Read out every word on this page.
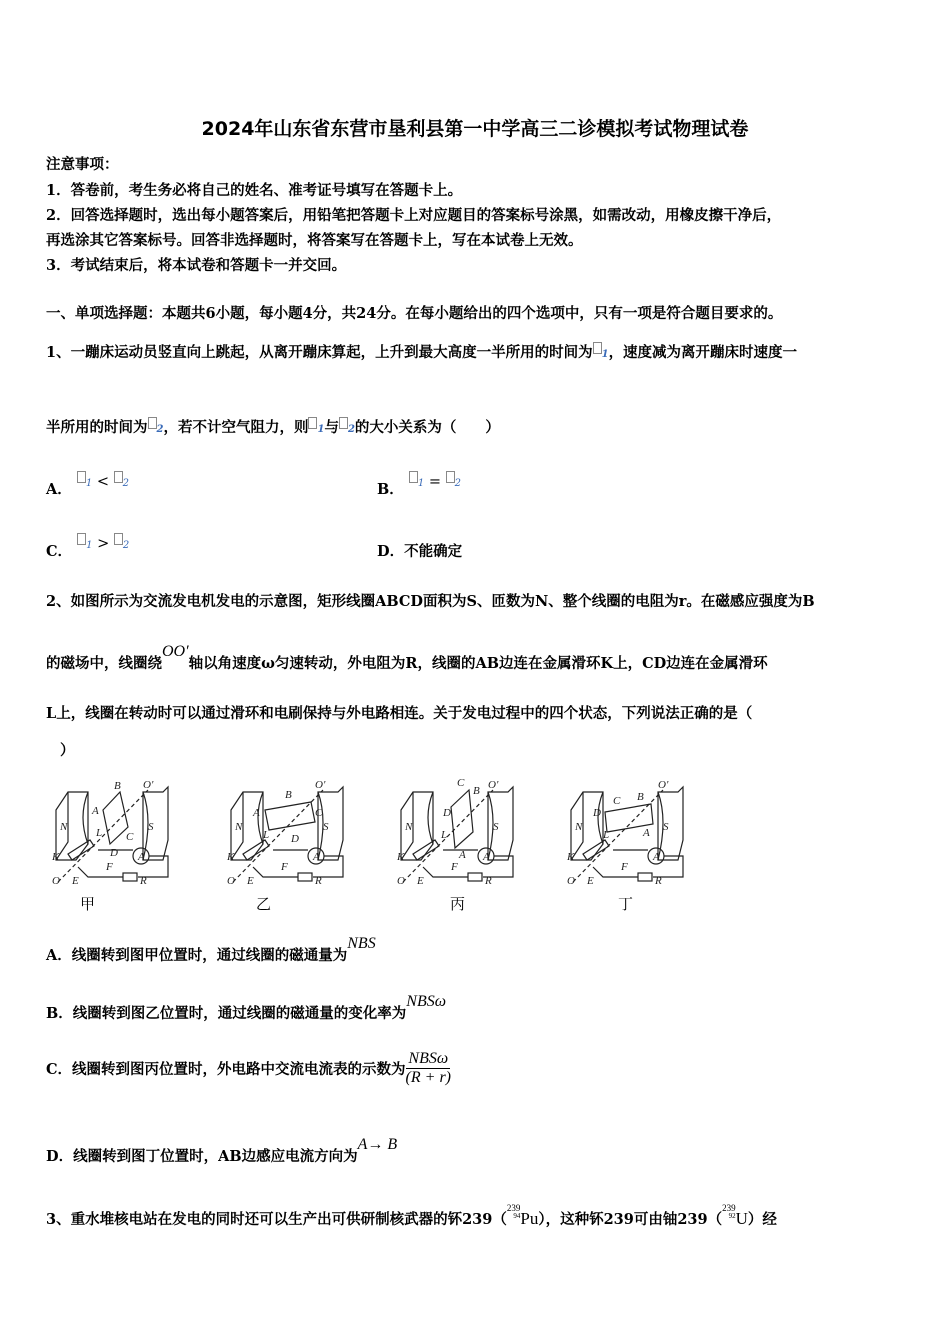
2024年山东省东营市垦利县第一中学高三二诊模拟考试物理试卷
注意事项：
1．答卷前，考生务必将自己的姓名、准考证号填写在答题卡上。
2．回答选择题时，选出每小题答案后，用铅笔把答题卡上对应题目的答案标号涂黑，如需改动，用橡皮擦干净后，
再选涂其它答案标号。回答非选择题时，将答案写在答题卡上，写在本试卷上无效。
3．考试结束后，将本试卷和答题卡一并交回。
一、单项选择题：本题共6小题，每小题4分，共24分。在每小题给出的四个选项中，只有一项是符合题目要求的。
1、一蹦床运动员竖直向上跳起，从离开蹦床算起，上升到最大高度一半所用的时间为 1，速度减为离开蹦床时速度一
半所用的时间为 2，若不计空气阻力，则 1与 2的大小关系为（　　）
A． 1 < 2	B． 1 = 2
C． 1 > 2	D．不能确定
2、如图所示为交流发电机发电的示意图，矩形线圈ABCD面积为S、匝数为N、整个线圈的电阻为r。在磁感应强度为B
的磁场中，线圈绕OO′轴以角速度ω匀速转动，外电阻为R，线圈的AB边连在金属滑环K上，CD边连在金属滑环
L上，线圈在转动时可以通过滑环和电刷保持与外电路相连。关于发电过程中的四个状态，下列说法正确的是（
）
N	S
B
A
L
D
C
O'
K
O E
F
A
R
N	S
B
A
L D
C
O'
K
O E
F
A
R
N	S
C
B
L
A
D
O'
K
O E
F
A
R
N	S
C
D
L	A
B
O'
K
O E
F
A
R
甲	乙	丙	丁
A．线圈转到图甲位置时，通过线圈的磁通量为NBS
B．线圈转到图乙位置时，通过线圈的磁通量的变化率为NBSω
C．线圈转到图丙位置时，外电路中交流电流表的示数为 $\frac{\text{NBSω}}{(R + r)}$
D．线圈转到图丁位置时，AB边感应电流方向为A→ B
3、重水堆核电站在发电的同时还可以生产出可供研制核武器的钚239（
239
94 Pu），这种钚239可由铀239（
239
92 U）经
